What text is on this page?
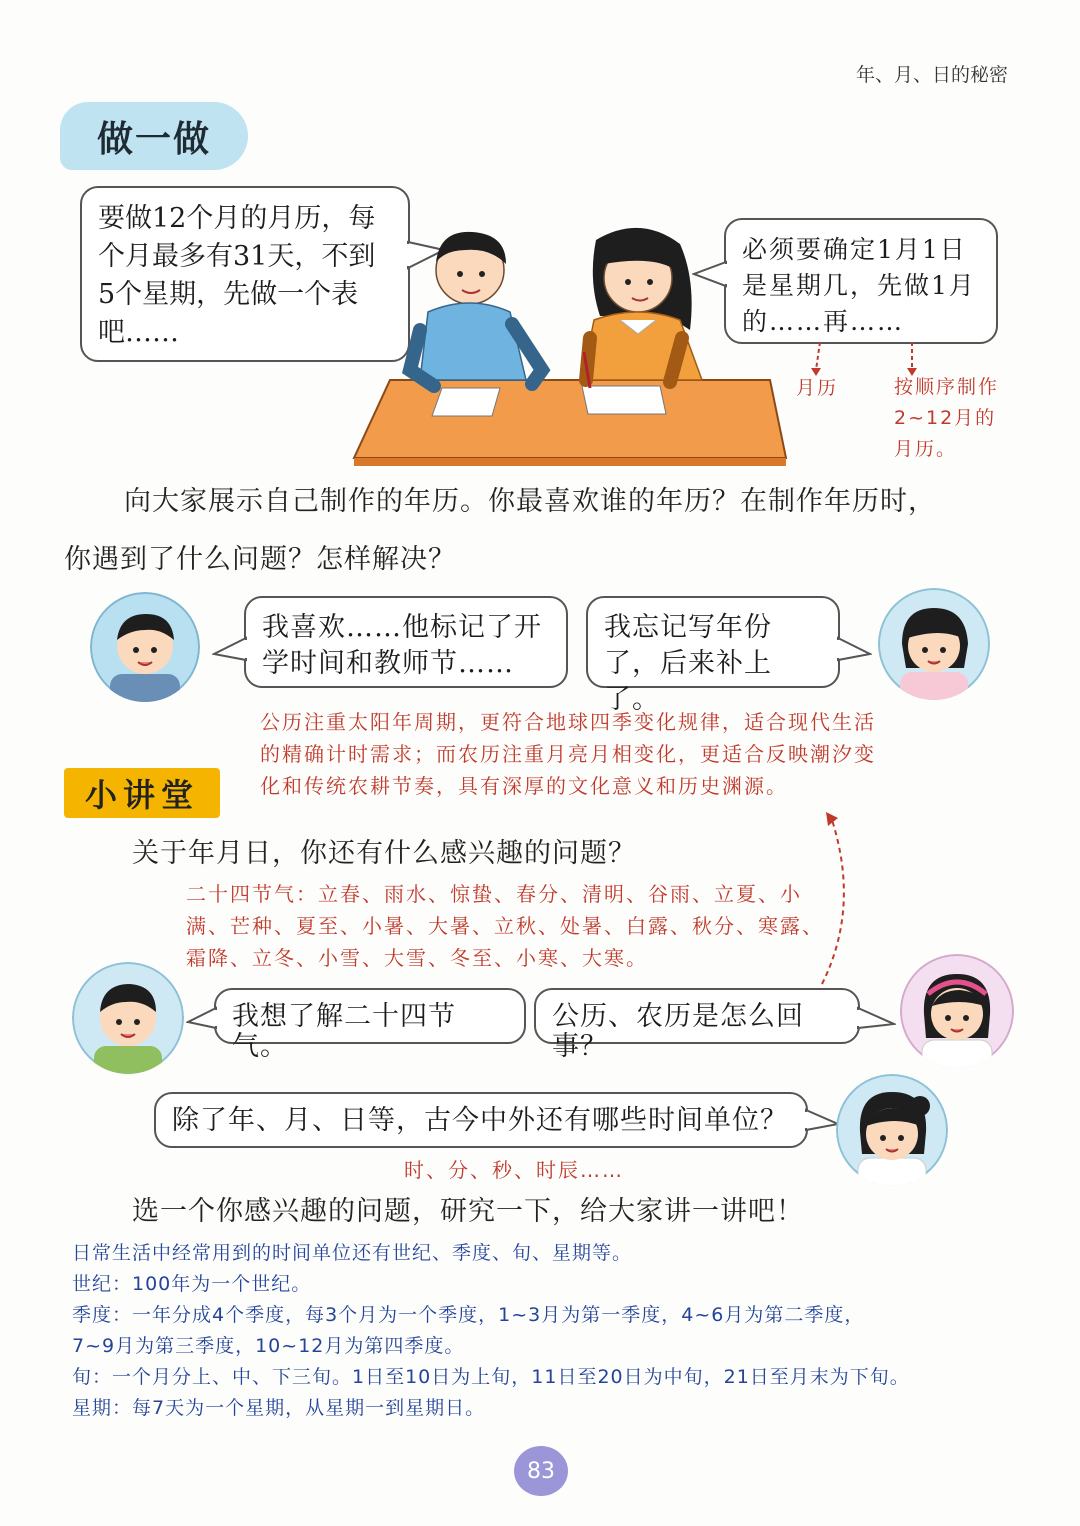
年、月、日的秘密
做一做
要做12个月的月历，每个月最多有31天，不到5个星期，先做一个表吧……
必须要确定1月1日是星期几，先做1月的……再……
月历	按顺序制作2~12月的月历。
向大家展示自己制作的年历。你最喜欢谁的年历？在制作年历时，
你遇到了什么问题？怎样解决？
我喜欢……他标记了开学时间和教师节……
我忘记写年份了，后来补上了。
公历注重太阳年周期，更符合地球四季变化规律，适合现代生活的精确计时需求；而农历注重月亮月相变化，更适合反映潮汐变化和传统农耕节奏，具有深厚的文化意义和历史渊源。
小讲堂
关于年月日，你还有什么感兴趣的问题？
二十四节气：立春、雨水、惊蛰、春分、清明、谷雨、立夏、小满、芒种、夏至、小暑、大暑、立秋、处暑、白露、秋分、寒露、霜降、立冬、小雪、大雪、冬至、小寒、大寒。
我想了解二十四节气。
公历、农历是怎么回事？
除了年、月、日等，古今中外还有哪些时间单位？
时、分、秒、时辰……
选一个你感兴趣的问题，研究一下，给大家讲一讲吧！
日常生活中经常用到的时间单位还有世纪、季度、旬、星期等。
世纪：100年为一个世纪。
季度：一年分成4个季度，每3个月为一个季度，1~3月为第一季度，4~6月为第二季度，
7~9月为第三季度，10~12月为第四季度。
旬：一个月分上、中、下三旬。1日至10日为上旬，11日至20日为中旬，21日至月末为下旬。
星期：每7天为一个星期，从星期一到星期日。
83
